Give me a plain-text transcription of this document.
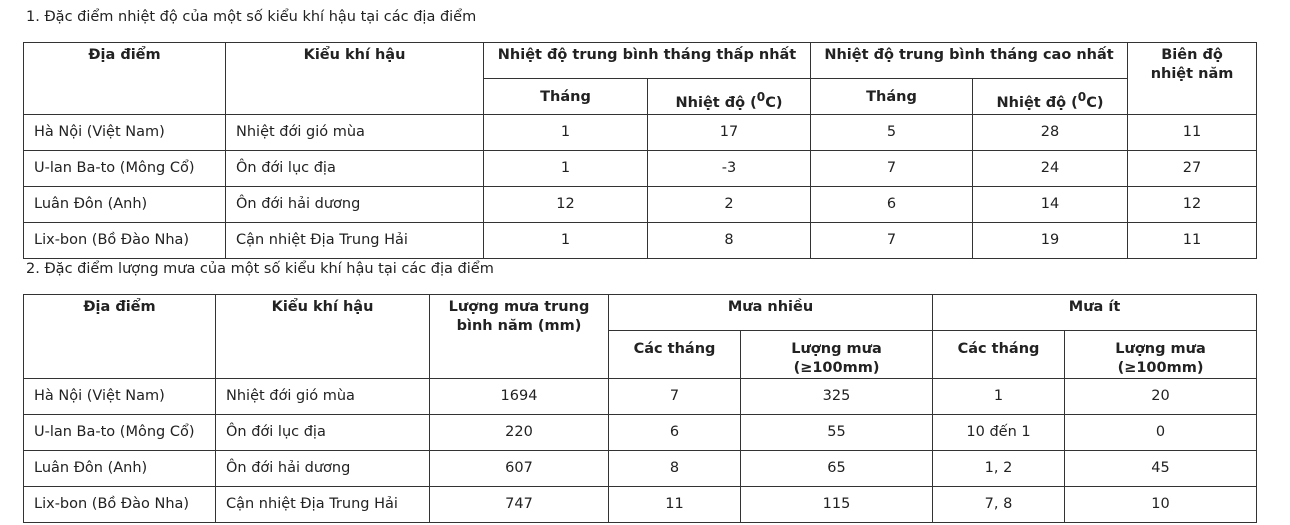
1. Đặc điểm nhiệt độ của một số kiểu khí hậu tại các địa điểm
Địa điểm	Kiểu khí hậu	Nhiệt độ trung bình tháng thấp nhất		Nhiệt độ trung bình tháng cao nhất		Biên độ nhiệt năm
		Tháng	Nhiệt độ ($^0$C)	Tháng	Nhiệt độ ($^0$C)	
Hà Nội (Việt Nam)	Nhiệt đới gió mùa	1	17	5	28	11
U-lan Ba-to (Mông Cổ)	Ôn đới lục địa	1	-3	7	24	27
Luân Đôn (Anh)	Ôn đới hải dương	12	2	6	14	12
Lix-bon (Bồ Đào Nha)	Cận nhiệt Địa Trung Hải	1	8	7	19	11
2. Đặc điểm lượng mưa của một số kiểu khí hậu tại các địa điểm
Địa điểm	Kiểu khí hậu	Lượng mưa trung bình năm (mm)	Mưa nhiều		Mưa ít	
			Các tháng	Lượng mưa (≥100mm)	Các tháng	Lượng mưa (≥100mm)
Hà Nội (Việt Nam)	Nhiệt đới gió mùa	1694	7	325	1	20
U-lan Ba-to (Mông Cổ)	Ôn đới lục địa	220	6	55	10 đến 1	0
Luân Đôn (Anh)	Ôn đới hải dương	607	8	65	1, 2	45
Lix-bon (Bồ Đào Nha)	Cận nhiệt Địa Trung Hải	747	11	115	7, 8	10
